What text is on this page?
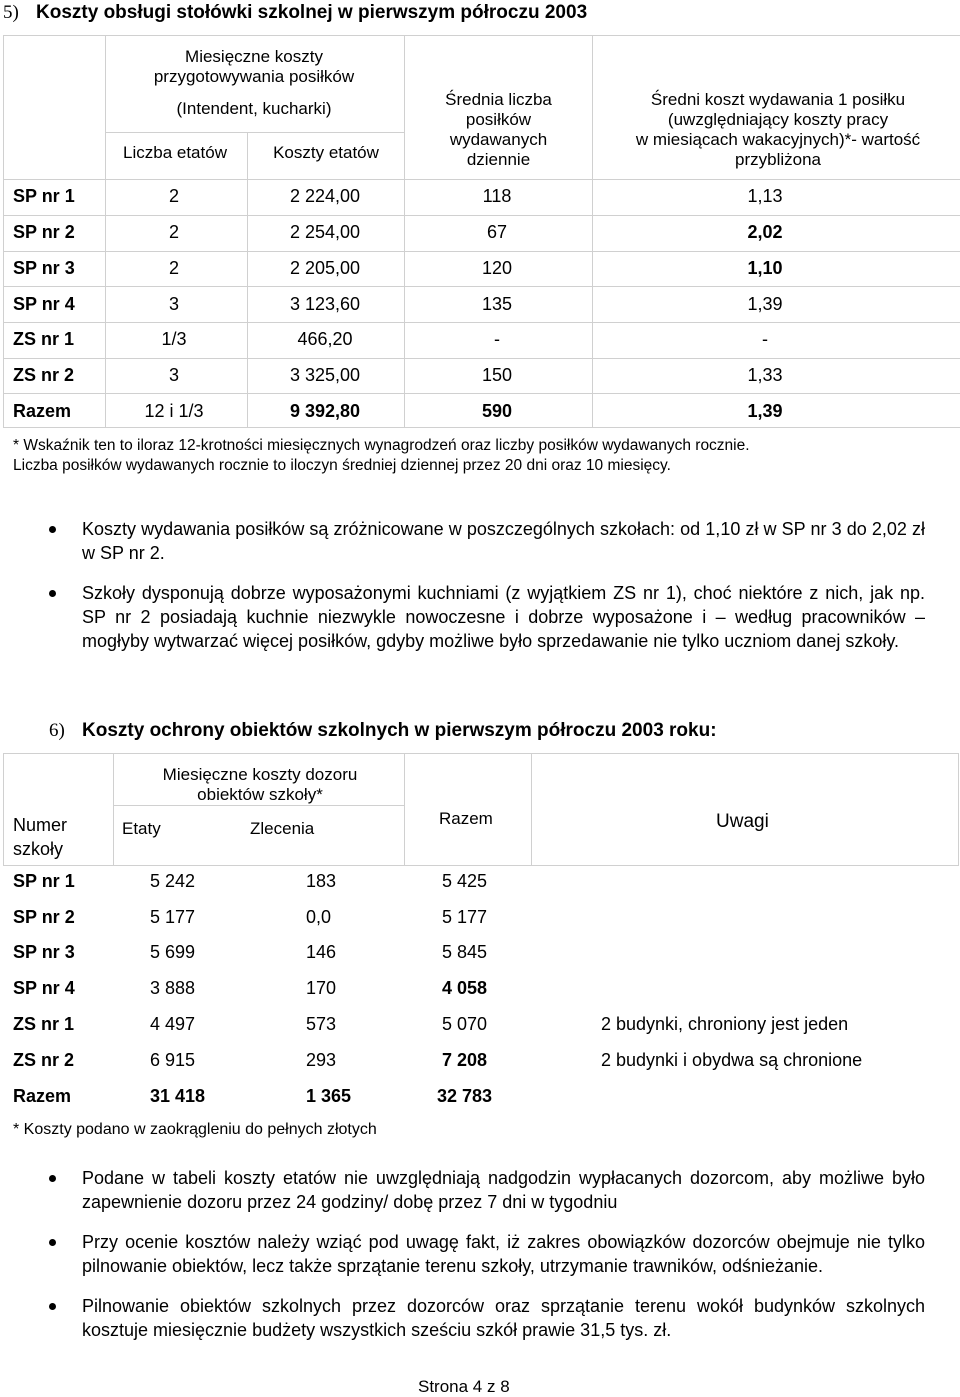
5) Koszty obsługi stołówki szkolnej w pierwszym półroczu 2003
Miesięczne koszty
przygotowywania posiłków
(Intendent, kucharki)
Liczba etatów	Koszty etatów
Średnia liczba
posiłków
wydawanych
dziennie
Średni koszt wydawania 1 posiłku
(uwzględniający koszty pracy
w miesiącach wakacyjnych)*- wartość
przybliżona
SP nr 1	2	2 224,00	118	1,13
SP nr 2	2	2 254,00	67	2,02
SP nr 3	2	2 205,00	120	1,10
SP nr 4	3	3 123,60	135	1,39
ZS nr 1	1/3	466,20	-	-
ZS nr 2	3	3 325,00	150	1,33
Razem	12 i 1/3	9 392,80	590	1,39
* Wskaźnik ten to iloraz 12-krotności miesięcznych wynagrodzeń oraz liczby posiłków wydawanych rocznie.
Liczba posiłków wydawanych rocznie to iloczyn średniej dziennej przez 20 dni oraz 10 miesięcy.
Koszty wydawania posiłków są zróżnicowane w poszczególnych szkołach: od 1,10 zł w SP nr 3 do 2,02 zł w SP nr 2.
Szkoły dysponują dobrze wyposażonymi kuchniami (z wyjątkiem ZS nr 1), choć niektóre z nich, jak np. SP nr 2 posiadają kuchnie niezwykle nowoczesne i dobrze wyposażone i – według pracowników – mogłyby wytwarzać więcej posiłków, gdyby możliwe było sprzedawanie nie tylko uczniom danej szkoły.
6) Koszty ochrony obiektów szkolnych w pierwszym półroczu 2003 roku:
Numer
szkoły
Miesięczne koszty dozoru
obiektów szkoły*
Etaty	Zlecenia
Razem	Uwagi
SP nr 1	5 242	183	5 425
SP nr 2	5 177	0,0	5 177
SP nr 3	5 699	146	5 845
SP nr 4	3 888	170	4 058
ZS nr 1	4 497	573	5 070	2 budynki, chroniony jest jeden
ZS nr 2	6 915	293	7 208	2 budynki i obydwa są chronione
Razem	31 418	1 365	32 783
* Koszty podano w zaokrągleniu do pełnych złotych
Podane w tabeli koszty etatów nie uwzględniają nadgodzin wypłacanych dozorcom, aby możliwe było zapewnienie dozoru przez 24 godziny/ dobę przez 7 dni w tygodniu
Przy ocenie kosztów należy wziąć pod uwagę fakt, iż zakres obowiązków dozorców obejmuje nie tylko pilnowanie obiektów, lecz także sprzątanie terenu szkoły, utrzymanie trawników, odśnieżanie.
Pilnowanie obiektów szkolnych przez dozorców oraz sprzątanie terenu wokół budynków szkolnych kosztuje miesięcznie budżety wszystkich sześciu szkół prawie 31,5 tys. zł.
Strona 4 z 8
